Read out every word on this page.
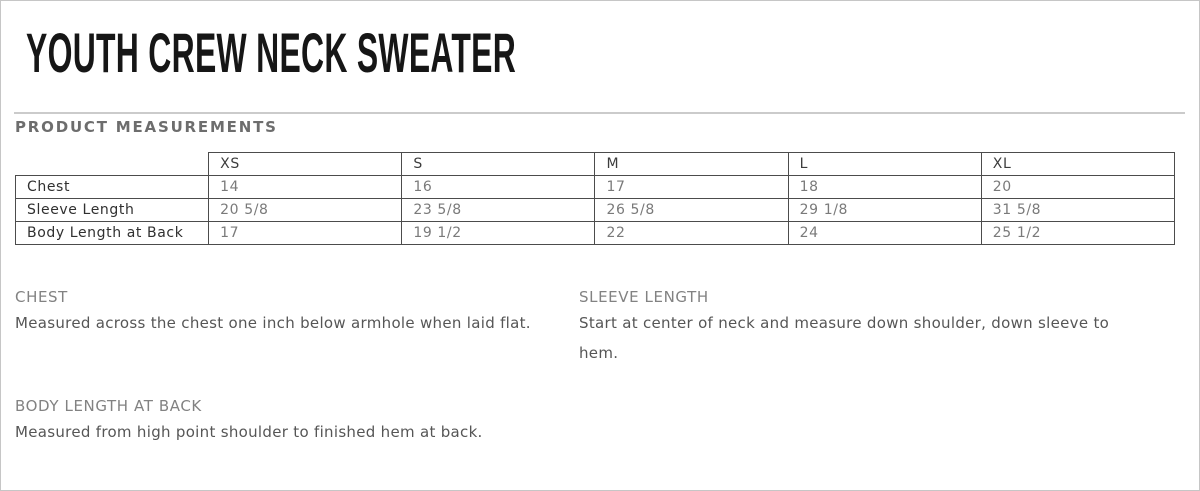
YOUTH CREW NECK SWEATER
PRODUCT MEASUREMENTS
	XS	S	M	L	XL
Chest	14	16	17	18	20
Sleeve Length	20 5/8	23 5/8	26 5/8	29 1/8	31 5/8
Body Length at Back	17	19 1/2	22	24	25 1/2
CHEST

Measured across the chest one inch below armhole when laid flat.

SLEEVE LENGTH

Start at center of neck and measure down shoulder, down sleeve to hem.

BODY LENGTH AT BACK

Measured from high point shoulder to finished hem at back.
